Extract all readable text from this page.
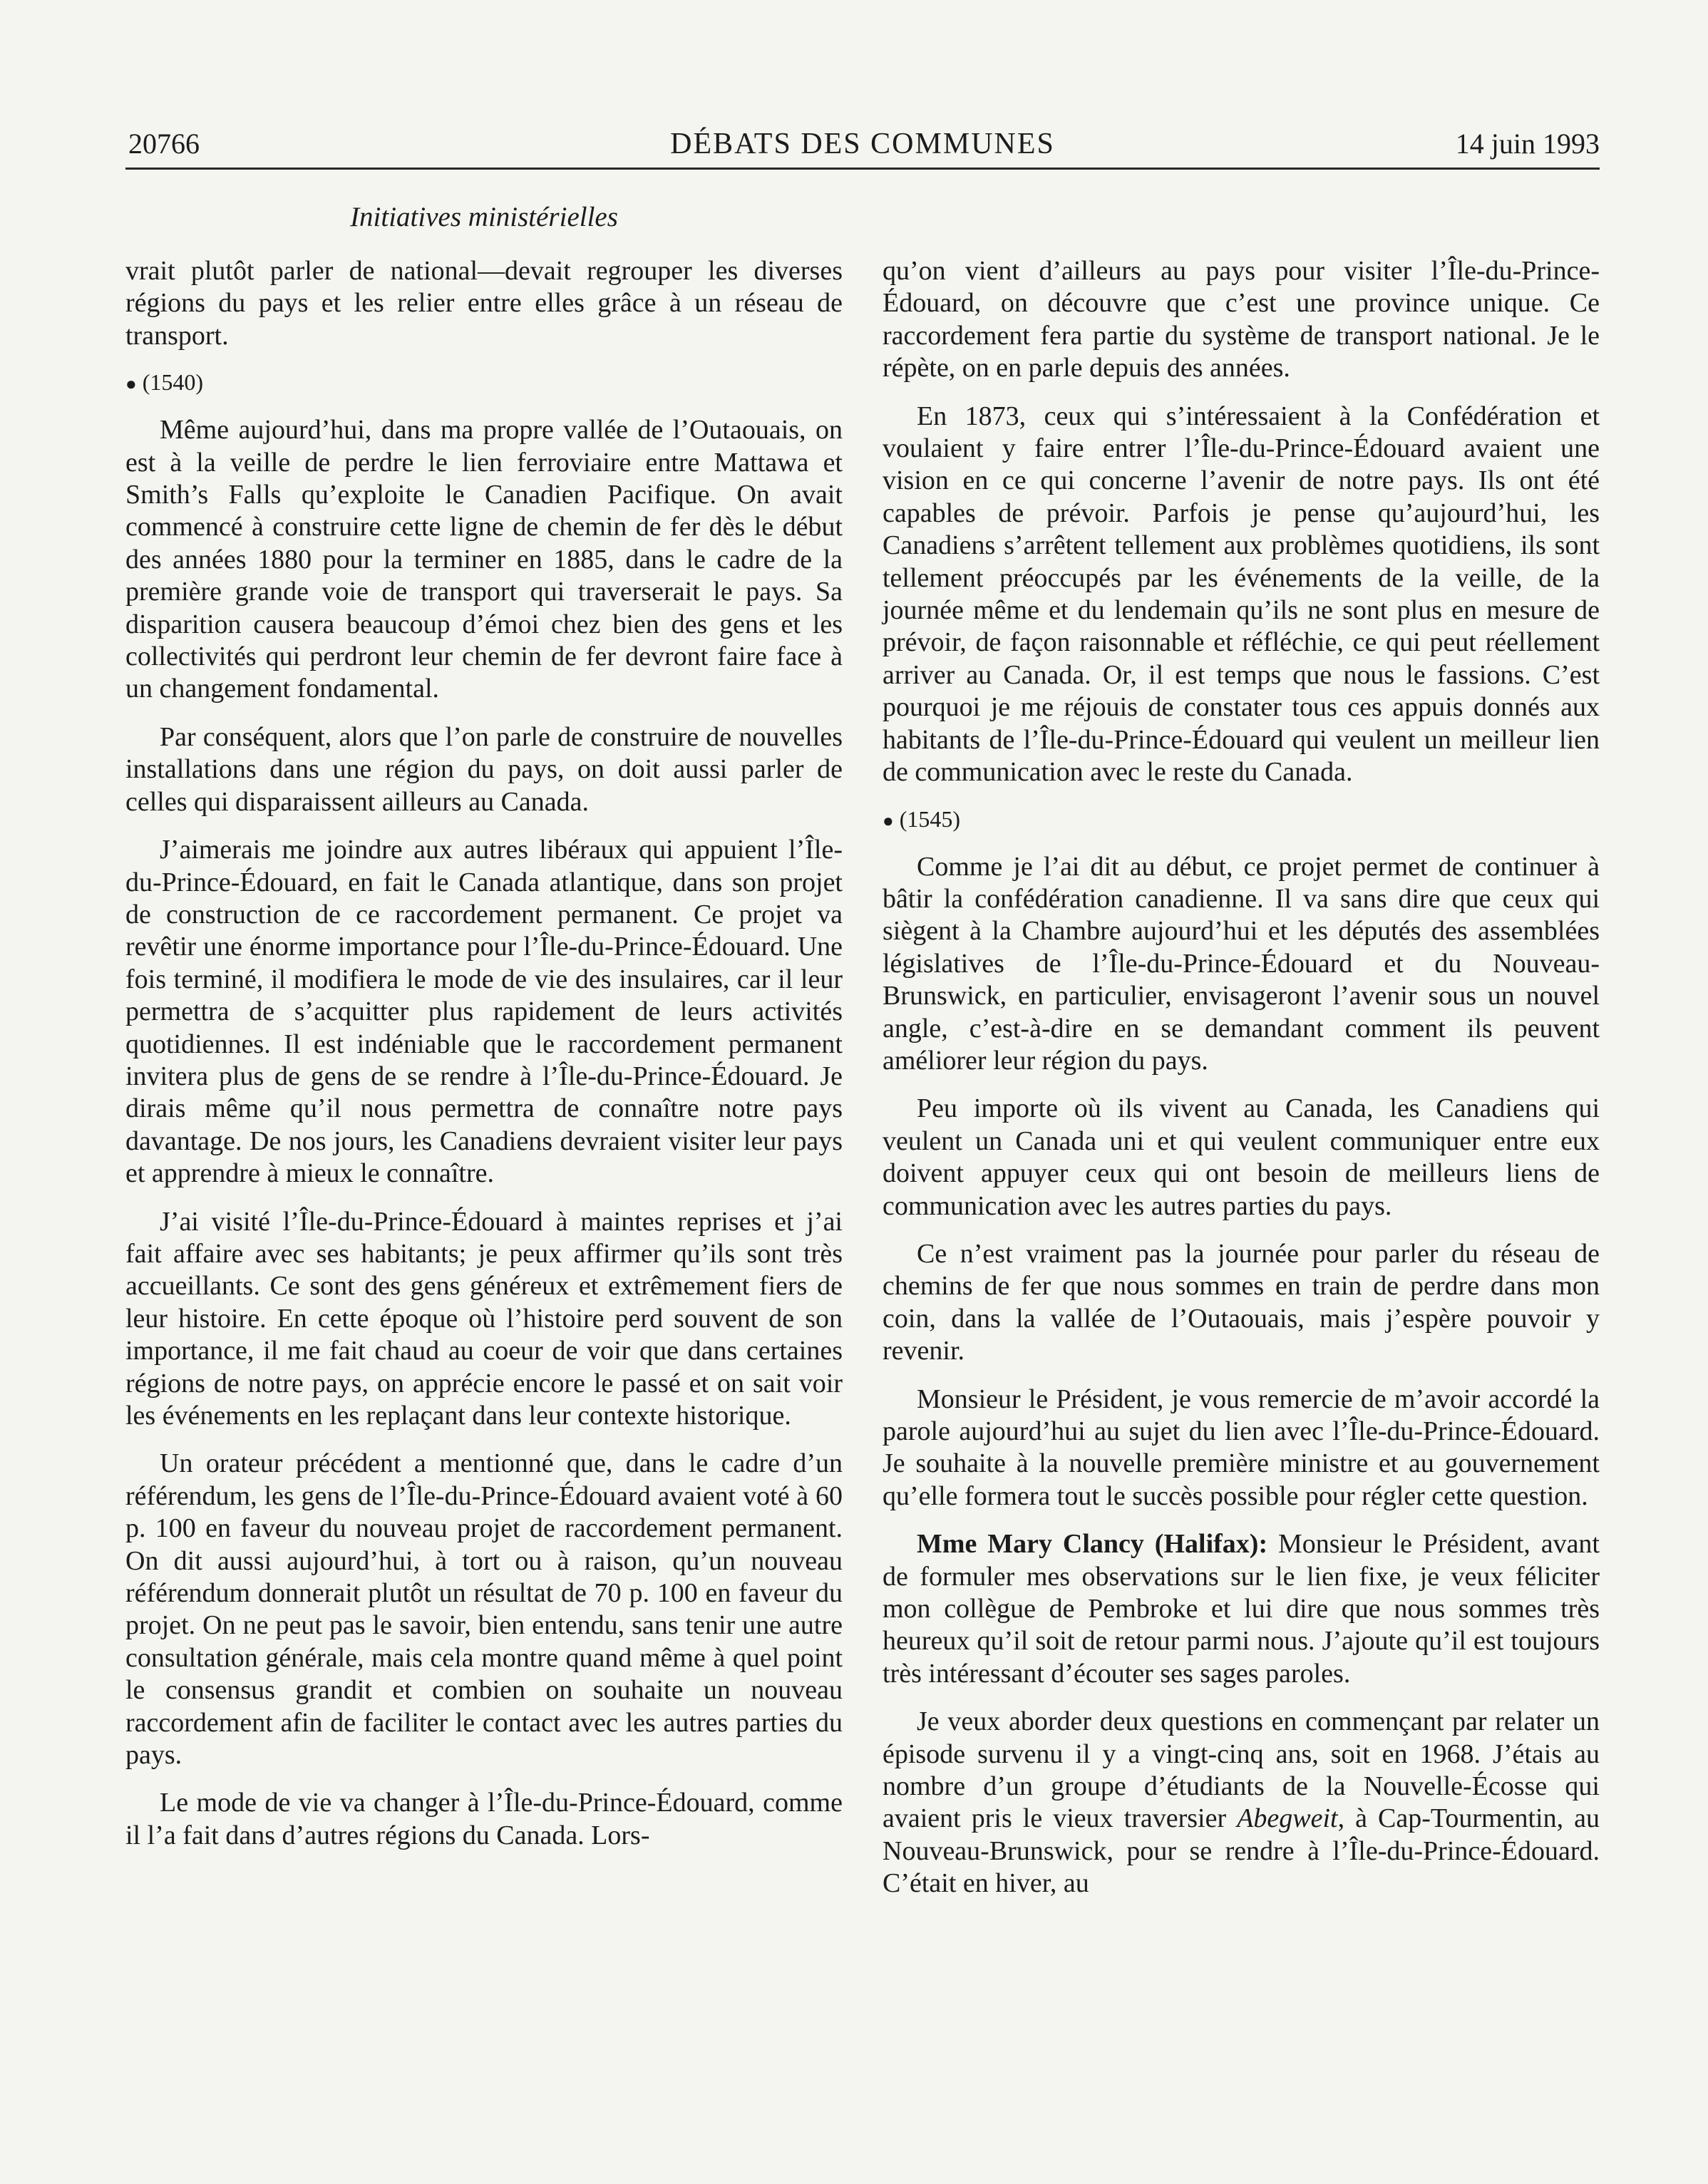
20766	DÉBATS DES COMMUNES	14 juin 1993
Initiatives ministérielles

vrait plutôt parler de national—devait regrouper les diverses régions du pays et les relier entre elles grâce à un réseau de transport.

● (1540)

Même aujourd’hui, dans ma propre vallée de l’Outaouais, on est à la veille de perdre le lien ferroviaire entre Mattawa et Smith’s Falls qu’exploite le Canadien Pacifique. On avait commencé à construire cette ligne de chemin de fer dès le début des années 1880 pour la terminer en 1885, dans le cadre de la première grande voie de transport qui traverserait le pays. Sa disparition causera beaucoup d’émoi chez bien des gens et les collectivités qui perdront leur chemin de fer devront faire face à un changement fondamental.

Par conséquent, alors que l’on parle de construire de nouvelles installations dans une région du pays, on doit aussi parler de celles qui disparaissent ailleurs au Canada.

J’aimerais me joindre aux autres libéraux qui appuient l’Île-du-Prince-Édouard, en fait le Canada atlantique, dans son projet de construction de ce raccordement permanent. Ce projet va revêtir une énorme importance pour l’Île-du-Prince-Édouard. Une fois terminé, il modifiera le mode de vie des insulaires, car il leur permettra de s’acquitter plus rapidement de leurs activités quotidiennes. Il est indéniable que le raccordement permanent invitera plus de gens de se rendre à l’Île-du-Prince-Édouard. Je dirais même qu’il nous permettra de connaître notre pays davantage. De nos jours, les Canadiens devraient visiter leur pays et apprendre à mieux le connaître.

J’ai visité l’Île-du-Prince-Édouard à maintes reprises et j’ai fait affaire avec ses habitants; je peux affirmer qu’ils sont très accueillants. Ce sont des gens généreux et extrêmement fiers de leur histoire. En cette époque où l’histoire perd souvent de son importance, il me fait chaud au coeur de voir que dans certaines régions de notre pays, on apprécie encore le passé et on sait voir les événements en les replaçant dans leur contexte historique.

Un orateur précédent a mentionné que, dans le cadre d’un référendum, les gens de l’Île-du-Prince-Édouard avaient voté à 60 p. 100 en faveur du nouveau projet de raccordement permanent. On dit aussi aujourd’hui, à tort ou à raison, qu’un nouveau référendum donnerait plutôt un résultat de 70 p. 100 en faveur du projet. On ne peut pas le savoir, bien entendu, sans tenir une autre consultation générale, mais cela montre quand même à quel point le consensus grandit et combien on souhaite un nouveau raccordement afin de faciliter le contact avec les autres parties du pays.

Le mode de vie va changer à l’Île-du-Prince-Édouard, comme il l’a fait dans d’autres régions du Canada. Lors-

qu’on vient d’ailleurs au pays pour visiter l’Île-du-Prince-Édouard, on découvre que c’est une province unique. Ce raccordement fera partie du système de transport national. Je le répète, on en parle depuis des années.

En 1873, ceux qui s’intéressaient à la Confédération et voulaient y faire entrer l’Île-du-Prince-Édouard avaient une vision en ce qui concerne l’avenir de notre pays. Ils ont été capables de prévoir. Parfois je pense qu’aujourd’hui, les Canadiens s’arrêtent tellement aux problèmes quotidiens, ils sont tellement préoccupés par les événements de la veille, de la journée même et du lendemain qu’ils ne sont plus en mesure de prévoir, de façon raisonnable et réfléchie, ce qui peut réellement arriver au Canada. Or, il est temps que nous le fassions. C’est pourquoi je me réjouis de constater tous ces appuis donnés aux habitants de l’Île-du-Prince-Édouard qui veulent un meilleur lien de communication avec le reste du Canada.

● (1545)

Comme je l’ai dit au début, ce projet permet de continuer à bâtir la confédération canadienne. Il va sans dire que ceux qui siègent à la Chambre aujourd’hui et les députés des assemblées législatives de l’Île-du-Prince-Édouard et du Nouveau-Brunswick, en particulier, envisageront l’avenir sous un nouvel angle, c’est-à-dire en se demandant comment ils peuvent améliorer leur région du pays.

Peu importe où ils vivent au Canada, les Canadiens qui veulent un Canada uni et qui veulent communiquer entre eux doivent appuyer ceux qui ont besoin de meilleurs liens de communication avec les autres parties du pays.

Ce n’est vraiment pas la journée pour parler du réseau de chemins de fer que nous sommes en train de perdre dans mon coin, dans la vallée de l’Outaouais, mais j’espère pouvoir y revenir.

Monsieur le Président, je vous remercie de m’avoir accordé la parole aujourd’hui au sujet du lien avec l’Île-du-Prince-Édouard. Je souhaite à la nouvelle première ministre et au gouvernement qu’elle formera tout le succès possible pour régler cette question.

Mme Mary Clancy (Halifax): Monsieur le Président, avant de formuler mes observations sur le lien fixe, je veux féliciter mon collègue de Pembroke et lui dire que nous sommes très heureux qu’il soit de retour parmi nous. J’ajoute qu’il est toujours très intéressant d’écouter ses sages paroles.

Je veux aborder deux questions en commençant par relater un épisode survenu il y a vingt-cinq ans, soit en 1968. J’étais au nombre d’un groupe d’étudiants de la Nouvelle-Écosse qui avaient pris le vieux traversier Abegweit, à Cap-Tourmentin, au Nouveau-Brunswick, pour se rendre à l’Île-du-Prince-Édouard. C’était en hiver, au
